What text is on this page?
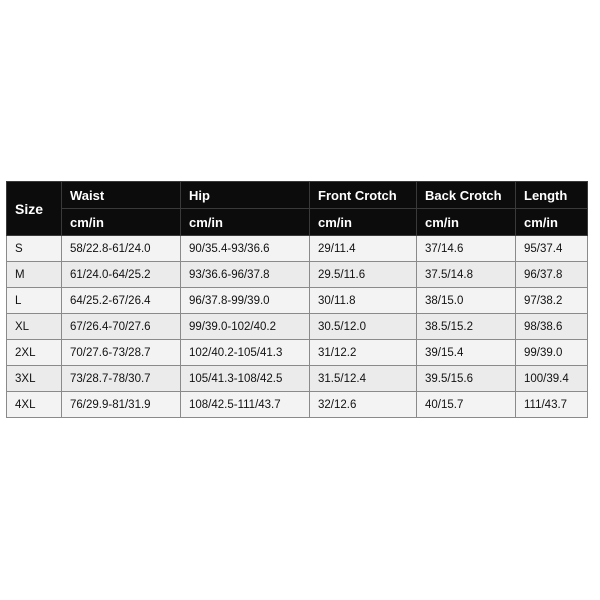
Size	Waist	Hip	Front Crotch	Back Crotch	Length
	cm/in	cm/in	cm/in	cm/in	cm/in
S	58/22.8-61/24.0	90/35.4-93/36.6	29/11.4	37/14.6	95/37.4
M	61/24.0-64/25.2	93/36.6-96/37.8	29.5/11.6	37.5/14.8	96/37.8
L	64/25.2-67/26.4	96/37.8-99/39.0	30/11.8	38/15.0	97/38.2
XL	67/26.4-70/27.6	99/39.0-102/40.2	30.5/12.0	38.5/15.2	98/38.6
2XL	70/27.6-73/28.7	102/40.2-105/41.3	31/12.2	39/15.4	99/39.0
3XL	73/28.7-78/30.7	105/41.3-108/42.5	31.5/12.4	39.5/15.6	100/39.4
4XL	76/29.9-81/31.9	108/42.5-111/43.7	32/12.6	40/15.7	111/43.7
